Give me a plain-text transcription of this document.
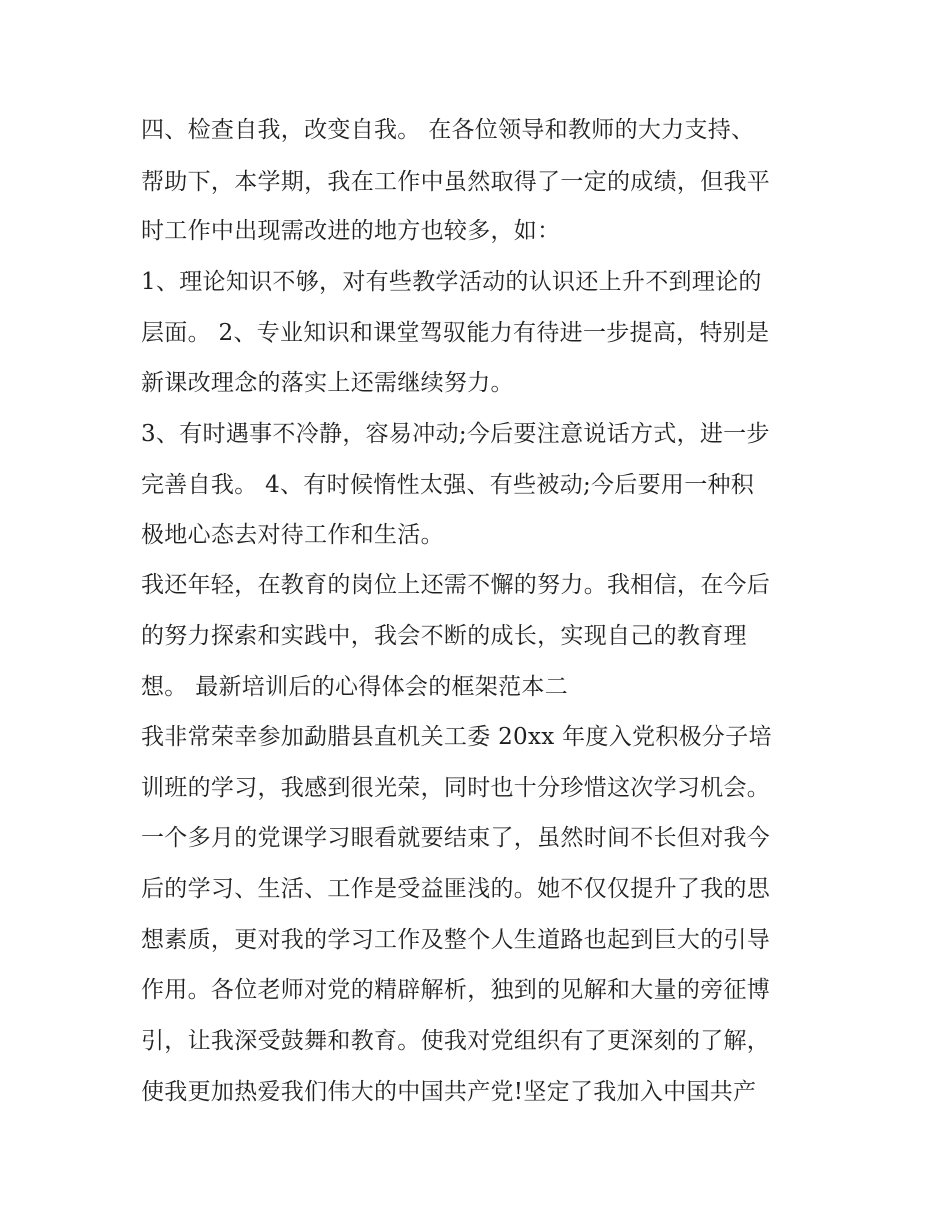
四、检查自我，改变自我。 在各位领导和教师的大力支持、
帮助下，本学期，我在工作中虽然取得了一定的成绩，但我平
时工作中出现需改进的地方也较多，如：
1、理论知识不够，对有些教学活动的认识还上升不到理论的
层面。 2、专业知识和课堂驾驭能力有待进一步提高，特别是
新课改理念的落实上还需继续努力。
3、有时遇事不冷静，容易冲动;今后要注意说话方式，进一步
完善自我。 4、有时候惰性太强、有些被动;今后要用一种积
极地心态去对待工作和生活。
我还年轻，在教育的岗位上还需不懈的努力。我相信，在今后
的努力探索和实践中，我会不断的成长，实现自己的教育理
想。 最新培训后的心得体会的框架范本二
我非常荣幸参加勐腊县直机关工委 20xx 年度入党积极分子培
训班的学习，我感到很光荣，同时也十分珍惜这次学习机会。
一个多月的党课学习眼看就要结束了，虽然时间不长但对我今
后的学习、生活、工作是受益匪浅的。她不仅仅提升了我的思
想素质，更对我的学习工作及整个人生道路也起到巨大的引导
作用。各位老师对党的精辟解析，独到的见解和大量的旁征博
引，让我深受鼓舞和教育。使我对党组织有了更深刻的了解，
使我更加热爱我们伟大的中国共产党!坚定了我加入中国共产
